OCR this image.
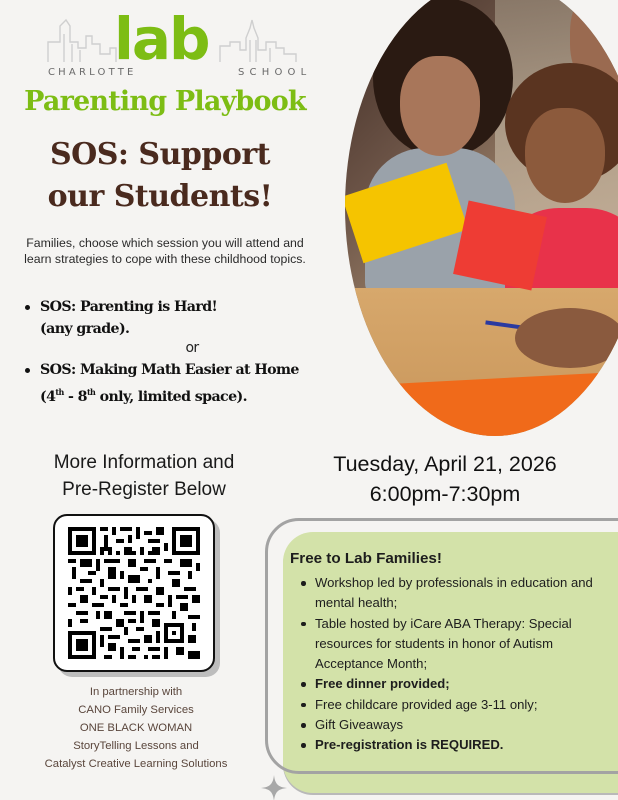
CHARLOTTE
lab	SCHOOL
Parenting Playbook
SOS: Support
our Students!

Families, choose which session you will attend and learn strategies to cope with these childhood topics.

SOS: Parenting is Hard!
(any grade).
or
SOS: Making Math Easier at Home
(4th - 8th only, limited space).
More Information and
Pre-Register Below
Tuesday, April 21, 2026
6:00pm-7:30pm
In partnership with
CANO Family Services
ONE BLACK WOMAN
StoryTelling Lessons and
Catalyst Creative Learning Solutions
Free to Lab Families!
Workshop led by professionals in education and mental health;
Table hosted by iCare ABA Therapy: Special resources for students in honor of Autism Acceptance Month;
Free dinner provided;
Free childcare provided age 3-11 only;
Gift Giveaways
Pre-registration is REQUIRED.
